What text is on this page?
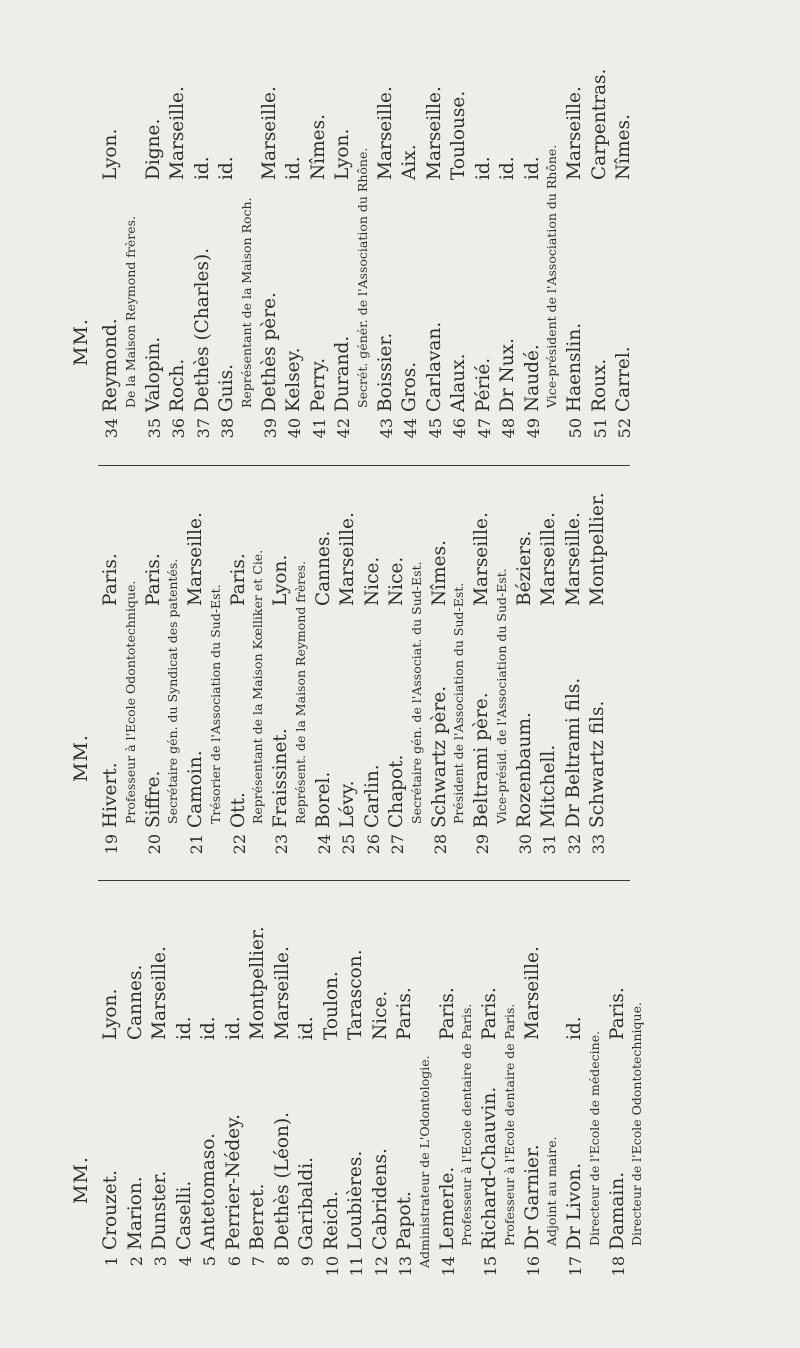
MM.
1
Crouzet.
Lyon.
2
Marion.
Cannes.
3
Dunster.
Marseille.
4
Caselli.
id.
5
Antetomaso.
id.
6
Perrier-Nédey.
id.
7
Berret.
Montpellier.
8
Dethès (Léon).
Marseille.
9
Garibaldi.
id.
10
Reich.
Toulon.
11
Loubières.
Tarascon.
12
Cabridens.
Nice.
13
Papot.
Paris.
Administrateur de L'Odontologie. 14
Lemerle.
Paris. Professeur à l'Ecole dentaire de Paris.
15
Richard-Chauvin.
Paris. Professeur à l'Ecole dentaire de Paris.
16
Dr Garnier.
Marseille.
Adjoint au maire.
17
Dr Livon.
id.
Directeur de l'Ecole de médecine.
18
Damain.
Paris. Directeur de l'Ecole Odontotechnique.
MM.
19
Hivert.
Paris.
Professeur à l'Ecole Odontotechnique.
20
Siffre.
Paris. Secrétaire gén. du Syndicat des patentés.
21
Camoin.
Marseille.
Trésorier de l'Association du Sud-Est.
22
Ott.
Paris. Représentant de la Maison Kœlliker et Cie.
23
Fraissinet.
Lyon. Représent. de la Maison Reymond frères.
24
Borel.
Cannes.
25
Lévy.
Marseille.
26
Carlin.
Nice.
27
Chapot.
Nice. Secrétaire gén. de l'Associat. du Sud-Est.
28
Schwartz père.
Nîmes.
Président de l'Association du Sud-Est.
29
Beltrami père.
Marseille.
Vice-présid. de l'Association du Sud-Est.
30
Rozenbaum.
Béziers.
31
Mitchell.
Marseille.
32
Dr Beltrami fils.
Marseille.
33
Schwartz fils.
Montpellier.
MM.
34
Reymond.
Lyon.
De la Maison Reymond frères.
35
Valopin.
Digne.
36
Roch.
Marseille.
37
Dethès (Charles).
id.
38
Guis.
id.
Représentant de la Maison Roch.
39
Dethès père.
Marseille.
40
Kelsey.
id.
41
Perry.
Nîmes.
42
Durand.
Lyon. Secrét. génér. de l'Association du Rhône.
43
Boissier.
Marseille.
44
Gros.
Aix.
45
Carlavan.
Marseille.
46
Alaux.
Toulouse.
47
Périé.
id.
48
Dr Nux.
id.
49
Naudé.
id. Vice-président de l'Association du Rhône.
50
Haenslin.
Marseille.
51
Roux.
Carpentras.
52
Carrel.
Nîmes.
